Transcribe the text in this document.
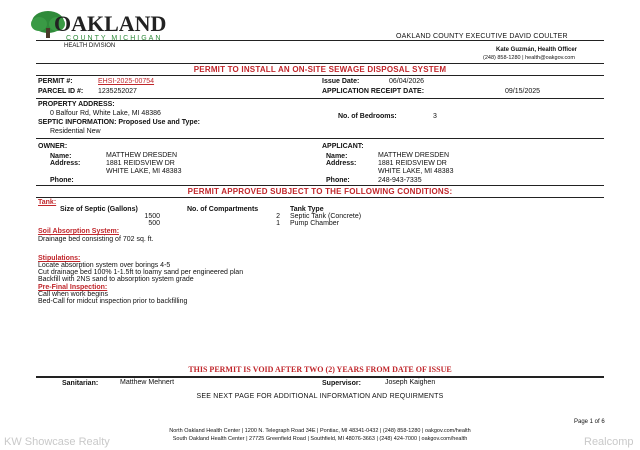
OAKLAND
COUNTY MICHIGAN
HEALTH DIVISION
OAKLAND COUNTY EXECUTIVE DAVID COULTER
Kate Guzmán, Health Officer
(248) 858-1280 | health@oakgov.com
PERMIT TO INSTALL AN ON-SITE SEWAGE DISPOSAL SYSTEM
PERMIT #:	EHSI-2025-00754	Issue Date:	06/04/2026
PARCEL ID #: 1235252027	APPLICATION RECEIPT DATE:	09/15/2025
PROPERTY ADDRESS:
0 Balfour Rd, White Lake, MI 48386	No. of Bedrooms:	3
SEPTIC INFORMATION: Proposed Use and Type:
Residential New
OWNER:
Name:	MATTHEW DRESDEN
Address:	1881 REIDSVIEW DR
WHITE LAKE, MI 48383
Phone:
APPLICANT:
Name:	MATTHEW DRESDEN
Address:	1881 REIDSVIEW DR
WHITE LAKE, MI 48383
Phone:	248-943-7335
PERMIT APPROVED SUBJECT TO THE FOLLOWING CONDITIONS:
Tank:
Size of Septic (Gallons)	No. of Compartments	Tank Type
1500	2 Septic Tank (Concrete)
500	1 Pump Chamber
Soil Absorption System:
Drainage bed consisting of 702 sq. ft.
Stipulations:
Locate absorption system over borings 4-5
Cut drainage bed 100% 1-1.5ft to loamy sand per engineered plan
Backfill with 2NS sand to absorption system grade
Pre-Final Inspection:
Call when work begins
Bed-Call for midcut inspection prior to backfilling
THIS PERMIT IS VOID AFTER TWO (2) YEARS FROM DATE OF ISSUE
Sanitarian:	Matthew Mehnert	Supervisor:	Joseph Kaighen
SEE NEXT PAGE FOR ADDITIONAL INFORMATION AND REQUIRMENTS
Page 1 of 6
North Oakland Health Center | 1200 N. Telegraph Road 34E | Pontiac, MI 48341-0432 | (248) 858-1280 | oakgov.com/health
South Oakland Health Center | 27725 Greenfield Road | Southfield, MI 48076-3663 | (248) 424-7000 | oakgov.com/health
KW Showcase Realty	Realcomp
